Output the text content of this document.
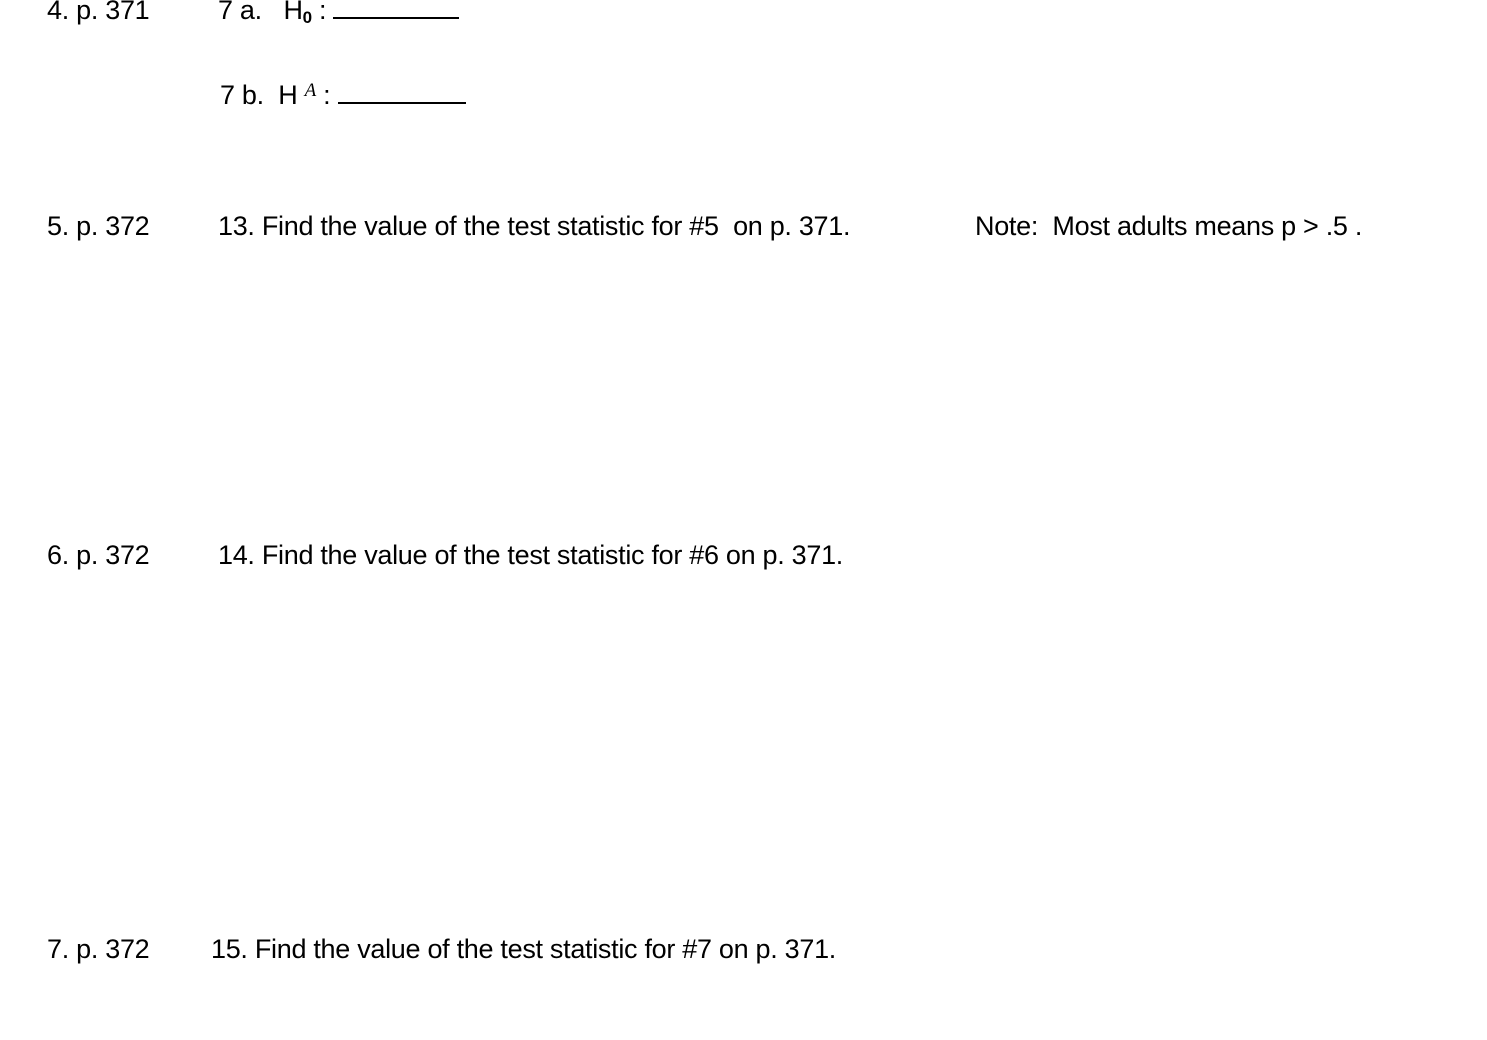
4. p. 371	7 a. H0 :
7 b. H $^A$ :
5. p. 372	13. Find the value of the test statistic for #5  on p. 371.	Note:  Most adults means p > .5 .
6. p. 372	14. Find the value of the test statistic for #6 on p. 371.
7. p. 372 15. Find the value of the test statistic for #7 on p. 371.
